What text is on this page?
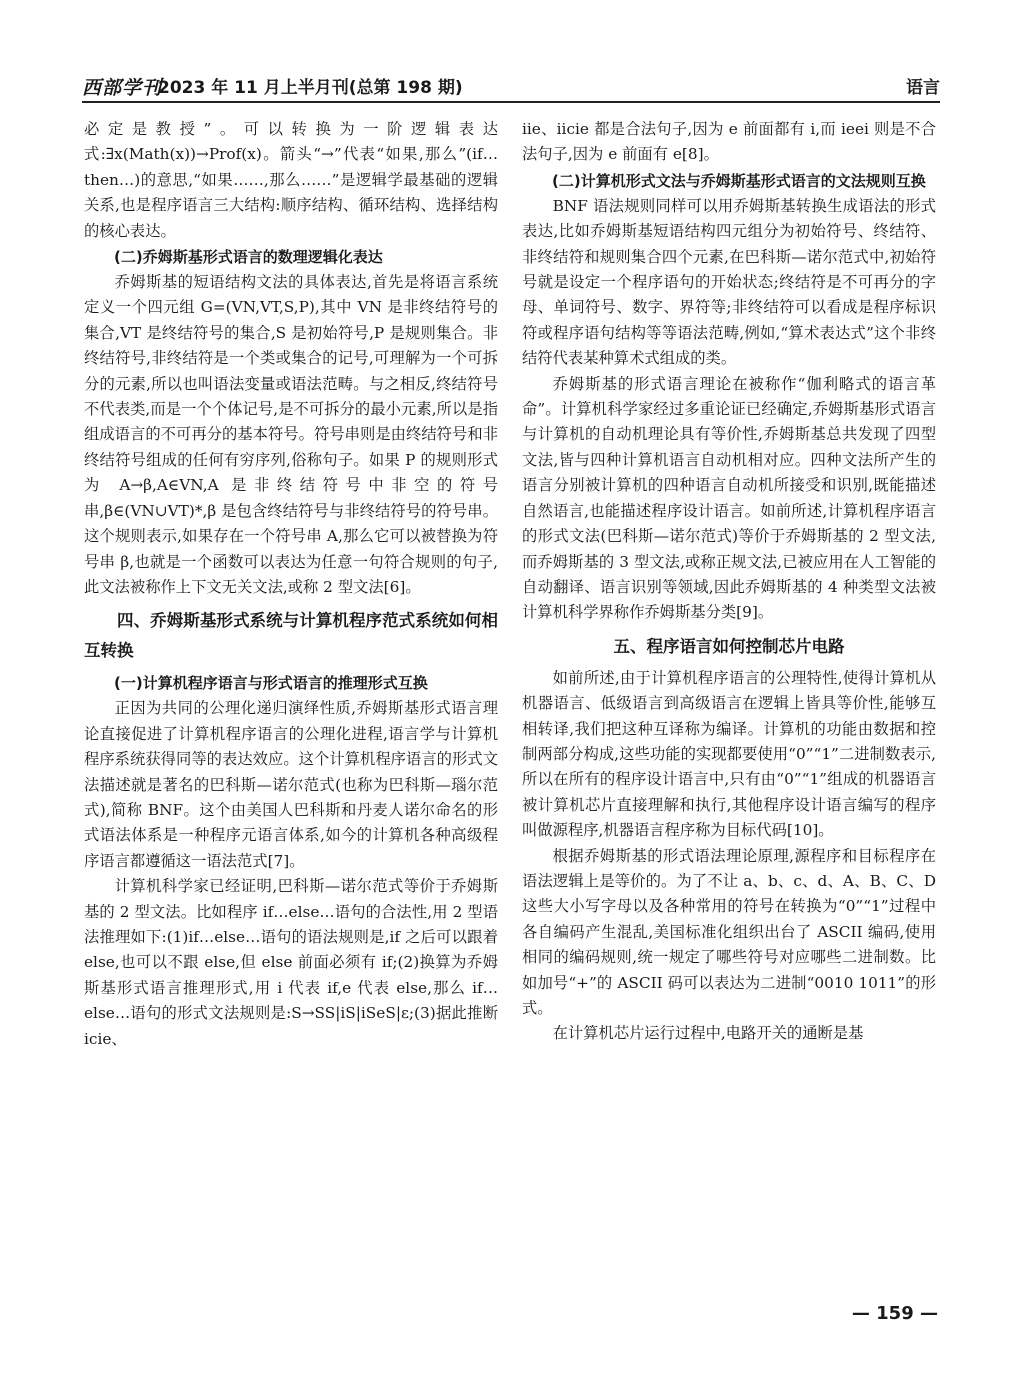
西部学刊
2023 年 11 月上半月刊(总第 198 期)	语言

必定是教授”。可以转换为一阶逻辑表达式:∃x(Math(x))→Prof(x)。箭头“→”代表“如果,那么”(if…then…)的意思,“如果……,那么……”是逻辑学最基础的逻辑关系,也是程序语言三大结构:顺序结构、循环结构、选择结构的核心表达。

(二)乔姆斯基形式语言的数理逻辑化表达

乔姆斯基的短语结构文法的具体表达,首先是将语言系统定义一个四元组 G=(VN,VT,S,P),其中 VN 是非终结符号的集合,VT 是终结符号的集合,S 是初始符号,P 是规则集合。非终结符号,非终结符是一个类或集合的记号,可理解为一个可拆分的元素,所以也叫语法变量或语法范畴。与之相反,终结符号不代表类,而是一个个体记号,是不可拆分的最小元素,所以是指组成语言的不可再分的基本符号。符号串则是由终结符号和非终结符号组成的任何有穷序列,俗称句子。如果 P 的规则形式为 A→β,A∈VN,A 是非终结符号中非空的符号串,β∈(VN∪VT)*,β 是包含终结符号与非终结符号的符号串。这个规则表示,如果存在一个符号串 A,那么它可以被替换为符号串 β,也就是一个函数可以表达为任意一句符合规则的句子,此文法被称作上下文无关文法,或称 2 型文法[6]。

四、乔姆斯基形式系统与计算机程序范式系统如何相互转换
(一)计算机程序语言与形式语言的推理形式互换

正因为共同的公理化递归演绎性质,乔姆斯基形式语言理论直接促进了计算机程序语言的公理化进程,语言学与计算机程序系统获得同等的表达效应。这个计算机程序语言的形式文法描述就是著名的巴科斯—诺尔范式(也称为巴科斯—瑙尔范式),简称 BNF。这个由美国人巴科斯和丹麦人诺尔命名的形式语法体系是一种程序元语言体系,如今的计算机各种高级程序语言都遵循这一语法范式[7]。

计算机科学家已经证明,巴科斯—诺尔范式等价于乔姆斯基的 2 型文法。比如程序 if…else…语句的合法性,用 2 型语法推理如下:(1)if…else…语句的语法规则是,if 之后可以跟着 else,也可以不跟 else,但 else 前面必须有 if;(2)换算为乔姆斯基形式语言推理形式,用 i 代表 if,e 代表 else,那么 if…else…语句的形式文法规则是:S→SS|iS|iSeS|ε;(3)据此推断 icie、

iie、iicie 都是合法句子,因为 e 前面都有 i,而 ieei 则是不合法句子,因为 e 前面有 e[8]。

(二)计算机形式文法与乔姆斯基形式语言的文法规则互换

BNF 语法规则同样可以用乔姆斯基转换生成语法的形式表达,比如乔姆斯基短语结构四元组分为初始符号、终结符、非终结符和规则集合四个元素,在巴科斯—诺尔范式中,初始符号就是设定一个程序语句的开始状态;终结符是不可再分的字母、单词符号、数字、界符等;非终结符可以看成是程序标识符或程序语句结构等等语法范畴,例如,“算术表达式”这个非终结符代表某种算术式组成的类。

乔姆斯基的形式语言理论在被称作“伽利略式的语言革命”。计算机科学家经过多重论证已经确定,乔姆斯基形式语言与计算机的自动机理论具有等价性,乔姆斯基总共发现了四型文法,皆与四种计算机语言自动机相对应。四种文法所产生的语言分别被计算机的四种语言自动机所接受和识别,既能描述自然语言,也能描述程序设计语言。如前所述,计算机程序语言的形式文法(巴科斯—诺尔范式)等价于乔姆斯基的 2 型文法,而乔姆斯基的 3 型文法,或称正规文法,已被应用在人工智能的自动翻译、语言识别等领域,因此乔姆斯基的 4 种类型文法被计算机科学界称作乔姆斯基分类[9]。

五、程序语言如何控制芯片电路

如前所述,由于计算机程序语言的公理特性,使得计算机从机器语言、低级语言到高级语言在逻辑上皆具等价性,能够互相转译,我们把这种互译称为编译。计算机的功能由数据和控制两部分构成,这些功能的实现都要使用“0”“1”二进制数表示,所以在所有的程序设计语言中,只有由“0”“1”组成的机器语言被计算机芯片直接理解和执行,其他程序设计语言编写的程序叫做源程序,机器语言程序称为目标代码[10]。

根据乔姆斯基的形式语法理论原理,源程序和目标程序在语法逻辑上是等价的。为了不让 a、b、c、d、A、B、C、D 这些大小写字母以及各种常用的符号在转换为“0”“1”过程中各自编码产生混乱,美国标准化组织出台了 ASCII 编码,使用相同的编码规则,统一规定了哪些符号对应哪些二进制数。比如加号“+”的 ASCII 码可以表达为二进制“0010 1011”的形式。

在计算机芯片运行过程中,电路开关的通断是基

— 159 —
